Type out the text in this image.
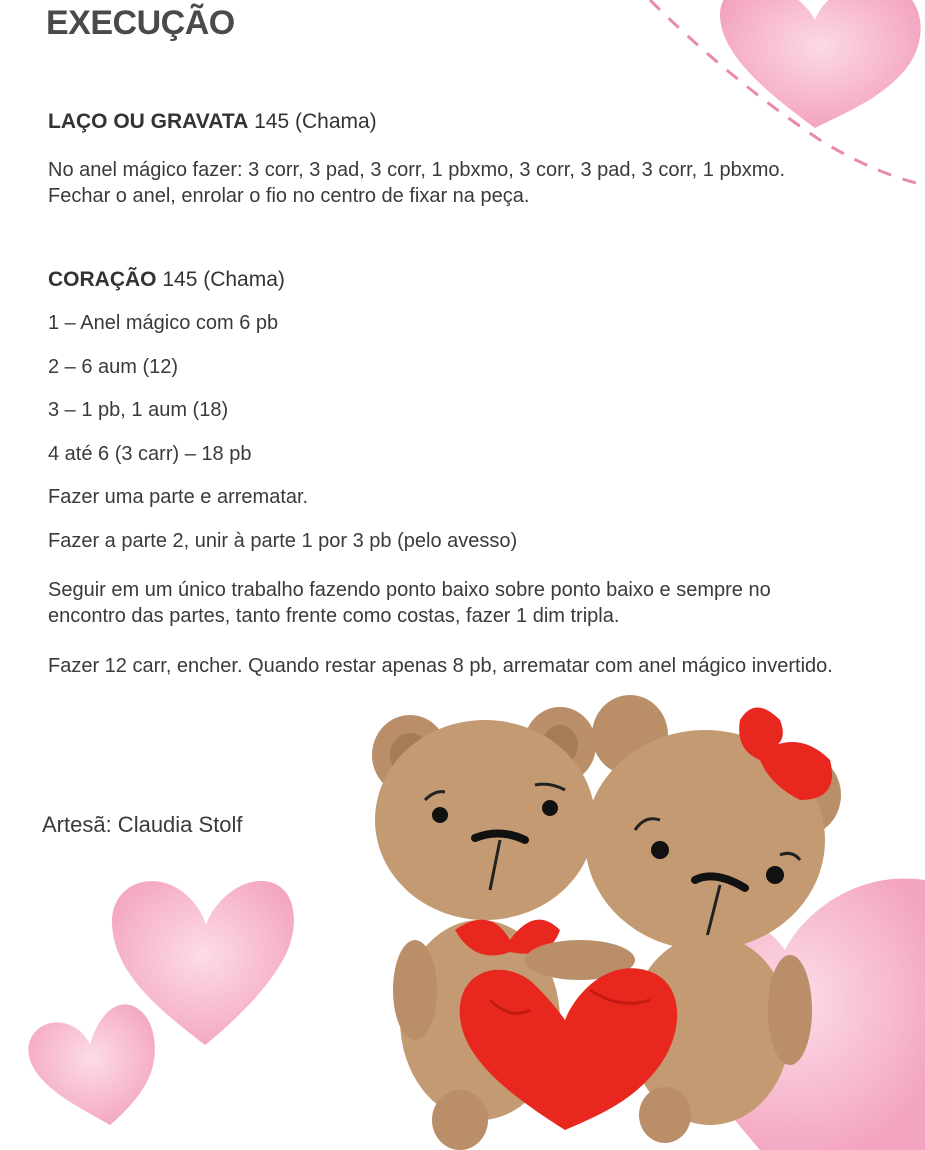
EXECUÇÃO

LAÇO OU GRAVATA 145 (Chama)

No anel mágico fazer: 3 corr, 3 pad, 3 corr, 1 pbxmo, 3 corr, 3 pad, 3 corr, 1 pbxmo. Fechar o anel, enrolar o fio no centro de fixar na peça.

CORAÇÃO 145 (Chama)

1 – Anel mágico com 6 pb

2 – 6 aum (12)

3 – 1 pb, 1 aum (18)

4 até 6 (3 carr) – 18 pb

Fazer uma parte e arrematar.

Fazer a parte 2, unir à parte 1 por 3 pb (pelo avesso)

Seguir em um único trabalho fazendo ponto baixo sobre ponto baixo e sempre no encontro das partes, tanto frente como costas, fazer 1 dim tripla.

Fazer 12 carr, encher. Quando restar apenas 8 pb, arrematar com anel mágico invertido.

Artesã: Claudia Stolf
